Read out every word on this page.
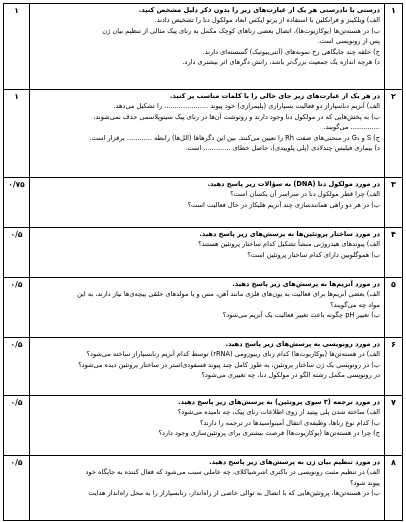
۱
۱	درستی یا نادرستی هر یک از عبارت‌های زیر را بدون ذکر دلیل مشخص کنید.
الف) ویلکینز و فرانکلین با استفاده از پرتو ایکس ابعاد مولکول دنا را تشخیص دادند.
ب) در هسته‌تن‌ها (یوکاریوت‌ها)، اتصال بعضی رناهای کوچک مکمل به رنای پیک مثالی از تنظیم بیان ژن
پس از رونویسی است.
ج) حلقه چند جایگاهی رخ نمونه‌های (آنتی‌بیوتیک) گسسته‌ای دارند.
د) هرچه اندازه یک جمعیت بزرگ‌تر باشد، رانش دگرهای اثر بیشتری دارد.
۲
۱	در هر یک از عبارت‌های زیر جای خالی را با کلمات مناسب پر کنید.
الف) آنزیم دناسپاراز دو فعالیت بسپارازی (پلیمرازی) خود پیوند ..................... را تشکیل می‌دهد.
ب) به پخش‌هایی که در مولکول دنا وجود دارند و رونوشت آن‌ها در رنای پیک سیتوپلاسمی حذف نمی‌شوند،
.............. می‌گویند.
ج) S و G₁ در منحنی‌های صفت Rh را تعیین می‌کنند. بین این دگرهاها (الل‌ها) رابطه ............ برقرار است.
د) بیماری فیلیس چندلادی (پلی پلوییدی)، حاصل خطای ............. است.
۳
۰/۷۵	در مورد مولکول دنا (DNA) به سؤالات زیر پاسخ دهید.
الف) چرا قطر مولکول دنا در سراسر آن یکسان است؟
ب) در هر دو راهی همانندسازی چند آنزیم هلیکاز در حال فعالیت است؟
۴
۰/۵	در مورد ساختار پروتئین‌ها به پرسش‌های زیر پاسخ دهید.
الف) پیوندهای هیدروژنی منشأ تشکیل کدام ساختار پروتئین هستند؟
ب) هموگلوبین دارای کدام ساختار پروتئین است؟
۵
۰/۵	در مورد آنزیم‌ها به پرسش‌های زیر پاسخ دهید.
الف) بعضی آنزیم‌ها برای فعالیت به یون‌های فلزی مانند آهن، مس و یا مولدهای حلقی پیچه‌ی‌ها نیاز دارند، به این
مواد چه می‌گویند؟
ب) تغییر pH چگونه باعث تغییر فعالیت یک آنزیم می‌شود؟
۶
۰/۵	در مورد رونویسی به پرسش‌های زیر پاسخ دهید.
الف) در هسته‌تن‌ها (یوکاریوت‌ها) کدام رنای ریبوزومی (rRNA) توسط کدام آنزیم رنابسپاراز ساخته می‌شود؟
ب) در رونویسی یک ژن ساختار پروتئین، به طور کامل چند پیوند فسفودی‌استر در ساختار پروتئین دیده می‌شود؟
در رونویسی مکمل رشته الگو در مولکول دنا، چه تغییری می‌شود؟
۷
۰/۵	در مورد ترجمه (۳ سوی پروتئین) به پرسش‌های زیر پاسخ دهید.
الف) ساخته شدن پلی پپتید از روی اطلاعات رنای پیک، چه نامیده می‌شود؟
ب) کدام نوع رناها، وظیفه‌ی انتقال آمینواسیدها در ترجمه را دارند؟
ج) چرا در هسته‌تن‌ها (یوکاریوت‌ها) فرصت بیشتری برای پروتئین‌سازی وجود دارد؟
۸
۰/۵	در مورد تنظیم بیان ژن به پرسش‌های زیر پاسخ دهید.
الف) در تنظیم مثبت رونویسی در باکتری اشرشیاکلای، چه عاملی سبب می‌شود که فعال کننده به جایگاه خود
پیوند شود؟
ب) در هسته‌تن‌ها، پروتئین‌هایی که با اتصال به توالی خاصی از راه‌انداز، رنابسپاراز را به محل راه‌انداز هدایت
